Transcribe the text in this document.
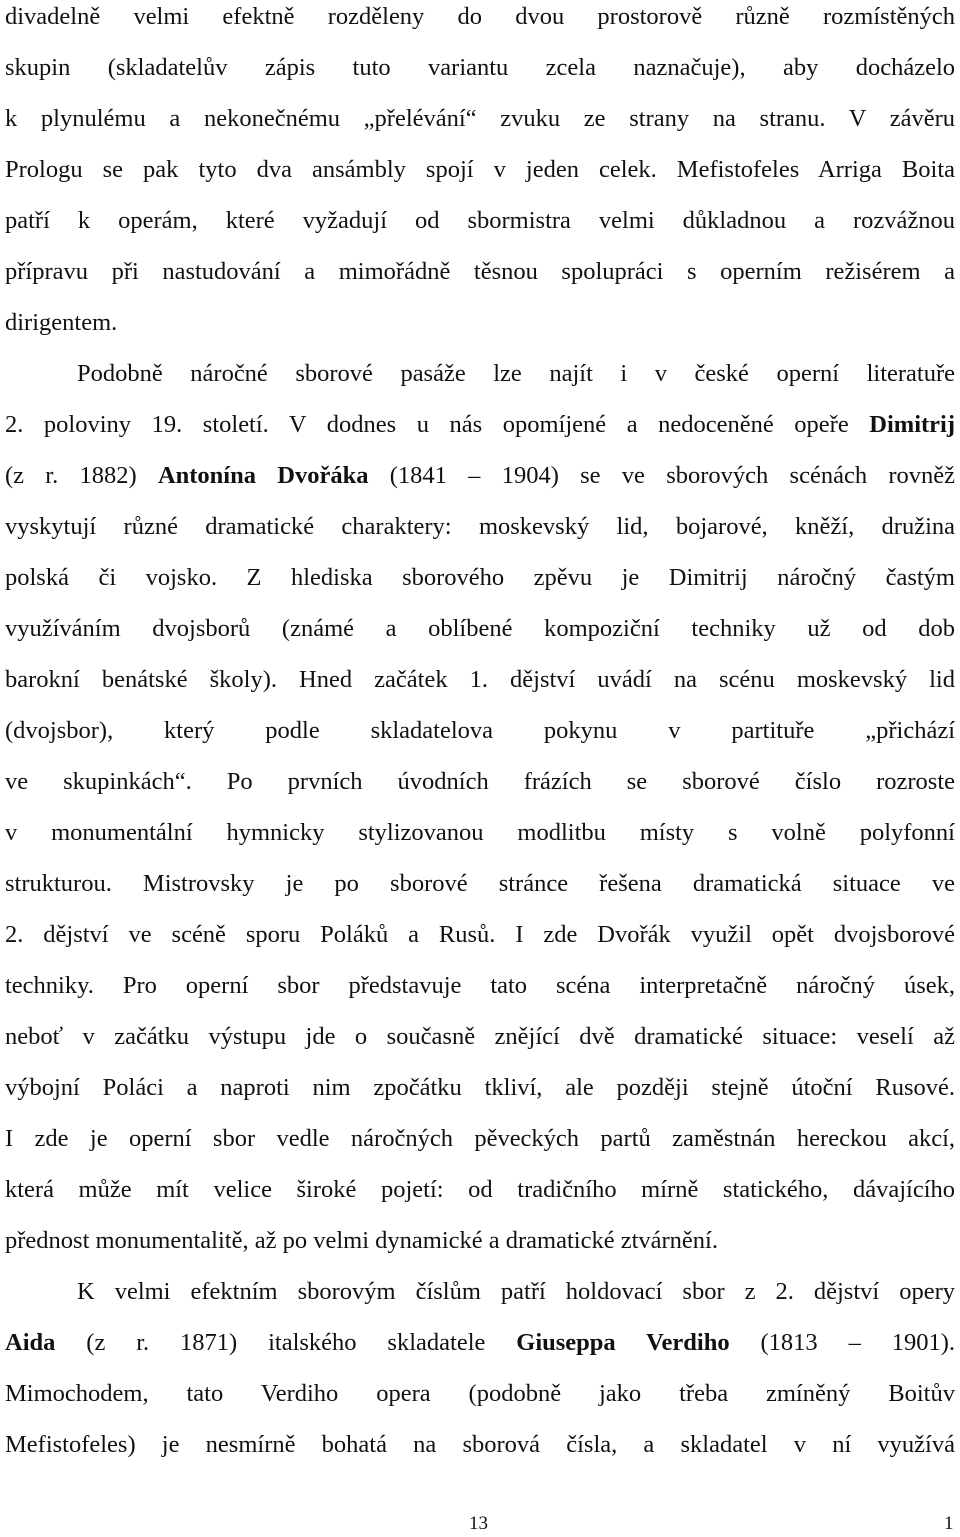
divadelně velmi efektně rozděleny do dvou prostorově různě rozmístěných
skupin (skladatelův zápis tuto variantu zcela naznačuje), aby docházelo
k plynulému a nekonečnému „přelévání“ zvuku ze strany na stranu. V závěru
Prologu se pak tyto dva ansámbly spojí v jeden celek. Mefistofeles Arriga Boita
patří k operám, které vyžadují od sbormistra velmi důkladnou a rozvážnou
přípravu při nastudování a mimořádně těsnou spolupráci s operním režisérem a
dirigentem.
Podobně náročné sborové pasáže lze najít i v české operní literatuře
2. poloviny 19. století. V dodnes u nás opomíjené a nedoceněné opeře Dimitrij
(z r. 1882) Antonína Dvořáka (1841 – 1904) se ve sborových scénách rovněž
vyskytují různé dramatické charaktery: moskevský lid, bojarové, kněží, družina
polská či vojsko. Z hlediska sborového zpěvu je Dimitrij náročný častým
využíváním dvojsborů (známé a oblíbené kompoziční techniky už od dob
barokní benátské školy). Hned začátek 1. dějství uvádí na scénu moskevský lid
(dvojsbor), který podle skladatelova pokynu v partituře „přichází
ve skupinkách“. Po prvních úvodních frázích se sborové číslo rozroste
v monumentální hymnicky stylizovanou modlitbu místy s volně polyfonní
strukturou. Mistrovsky je po sborové stránce řešena dramatická situace ve
2. dějství ve scéně sporu Poláků a Rusů. I zde Dvořák využil opět dvojsborové
techniky. Pro operní sbor představuje tato scéna interpretačně náročný úsek,
neboť v začátku výstupu jde o současně znějící dvě dramatické situace: veselí až
výbojní Poláci a naproti nim zpočátku tkliví, ale později stejně útoční Rusové.
I zde je operní sbor vedle náročných pěveckých partů zaměstnán hereckou akcí,
která může mít velice široké pojetí: od tradičního mírně statického, dávajícího
přednost monumentalitě, až po velmi dynamické a dramatické ztvárnění.
K velmi efektním sborovým číslům patří holdovací sbor z 2. dějství opery
Aida (z r. 1871) italského skladatele Giuseppa Verdiho (1813 – 1901).
Mimochodem, tato Verdiho opera (podobně jako třeba zmíněný Boitův
Mefistofeles) je nesmírně bohatá na sborová čísla, a skladatel v ní využívá
13	1
